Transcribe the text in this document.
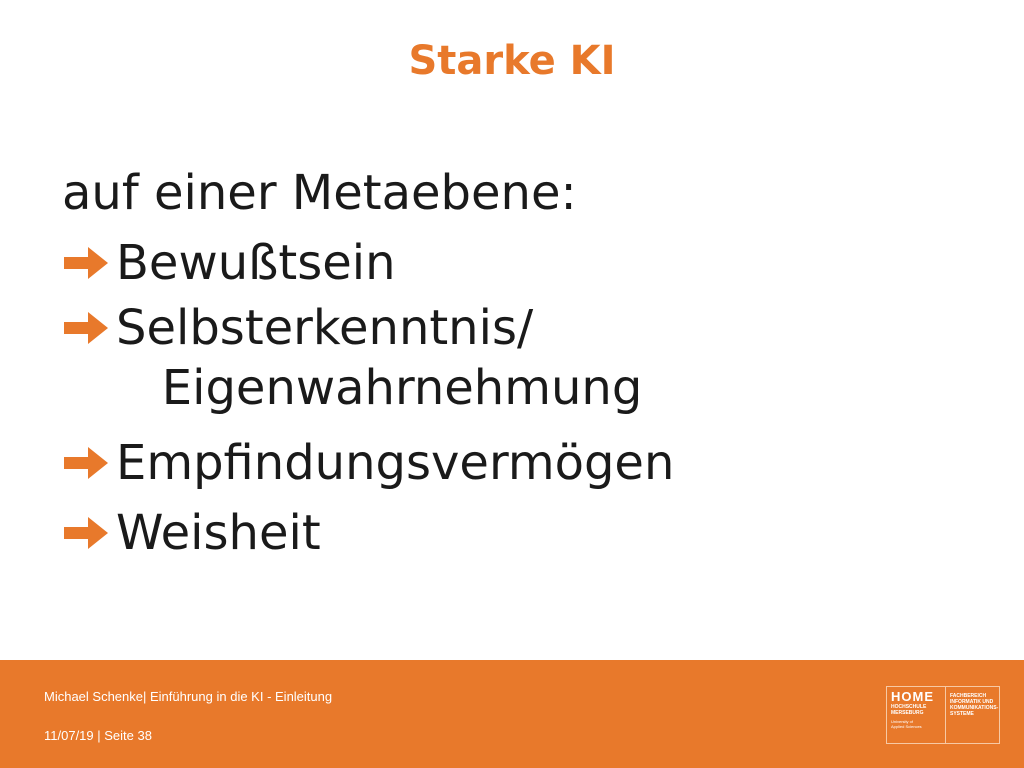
Starke KI

auf einer Metaebene:

Bewußtsein
Selbsterkenntnis/
Eigenwahrnehmung
Empfindungsvermögen
Weisheit
Michael Schenke| Einführung in die KI - Einleitung
11/07/19 | Seite 38
HOME
HOCHSCHULE
MERSEBURG
University of
Applied Sciences
FACHBEREICH
INFORMATIK UND
KOMMUNIKATIONS-
SYSTEME
